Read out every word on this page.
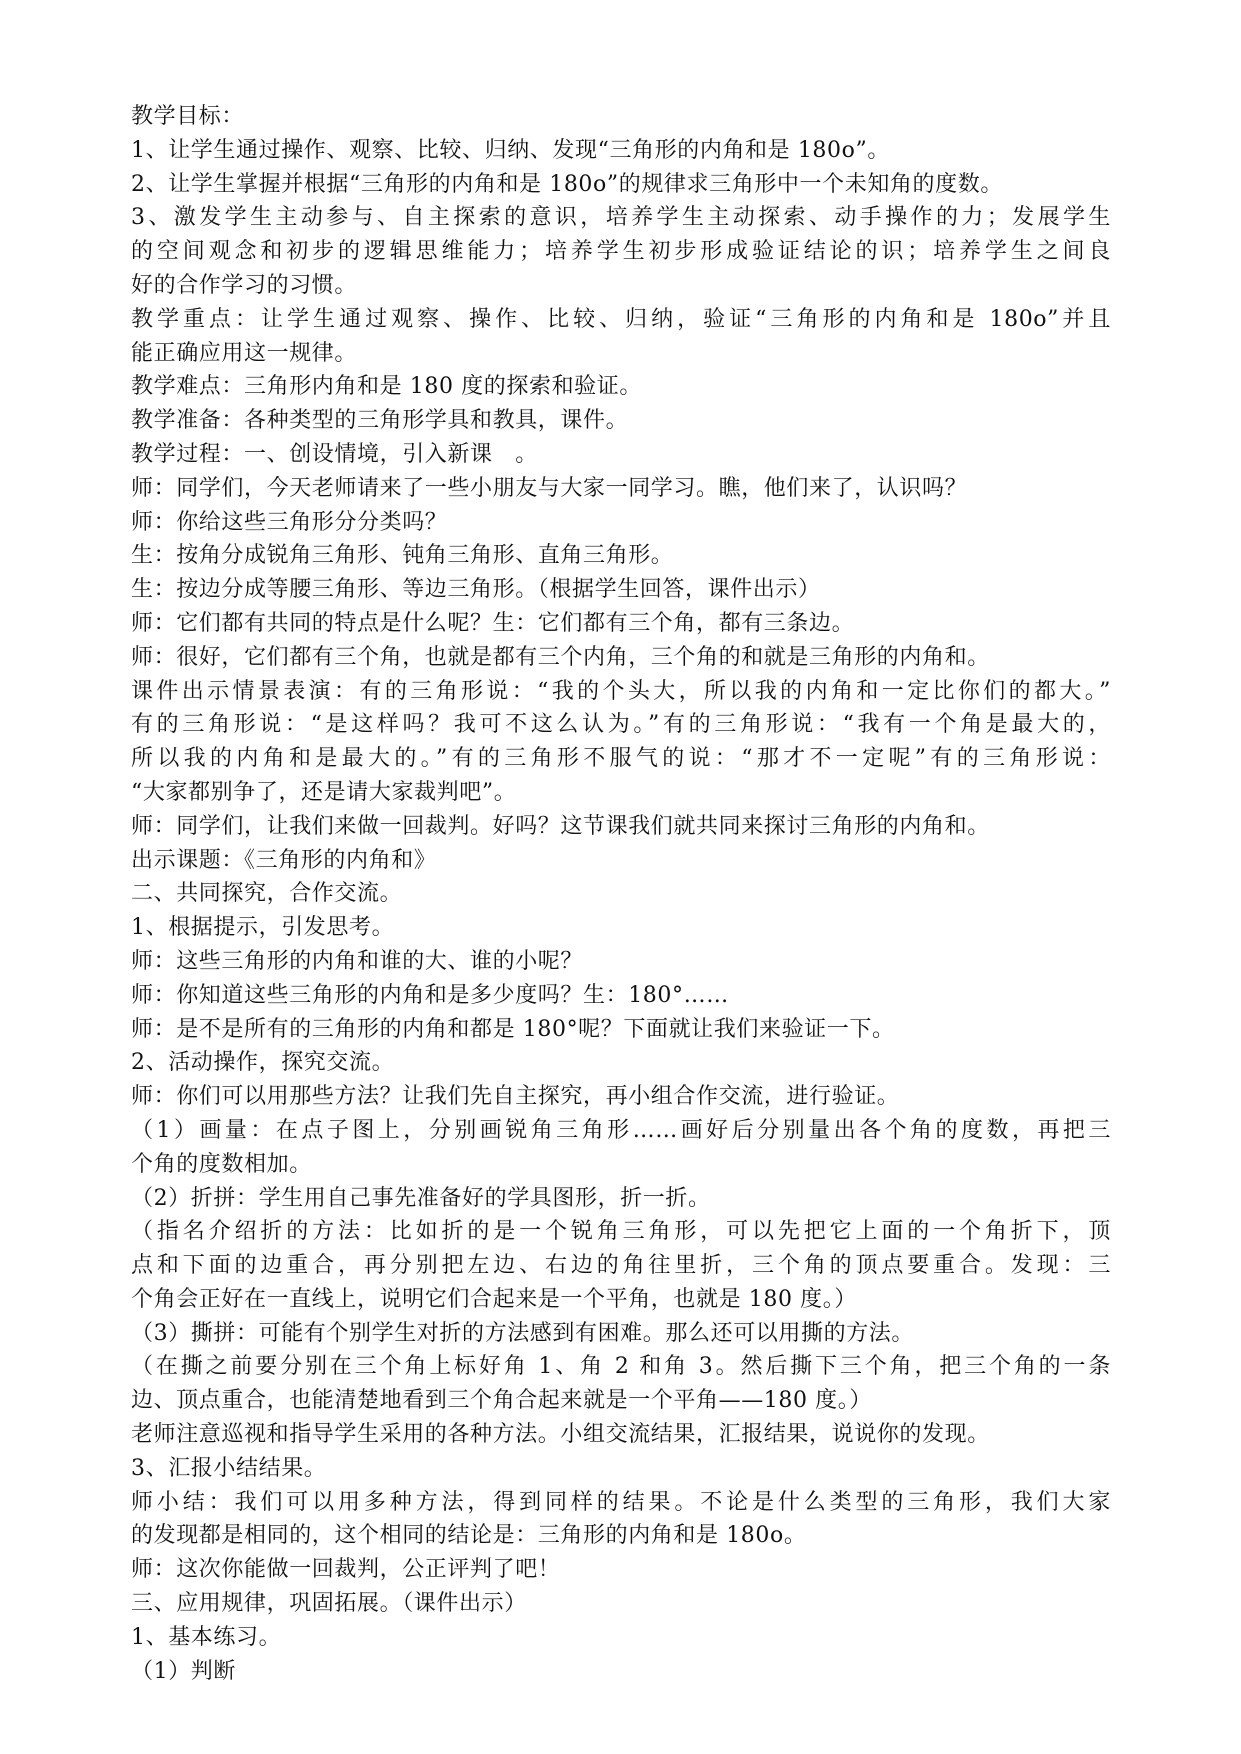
教学目标：
1、让学生通过操作、观察、比较、归纳、发现“三角形的内角和是 180o”。
2、让学生掌握并根据“三角形的内角和是 180o”的规律求三角形中一个未知角的度数。
3、激发学生主动参与、自主探索的意识，培养学生主动探索、动手操作的力；发展学生
的空间观念和初步的逻辑思维能力；培养学生初步形成验证结论的识；培养学生之间良
好的合作学习的习惯。
教学重点：让学生通过观察、操作、比较、归纳，验证“三角形的内角和是 180o”并且
能正确应用这一规律。
教学难点：三角形内角和是 180 度的探索和验证。
教学准备：各种类型的三角形学具和教具，课件。
教学过程：一、创设情境，引入新课　。
师：同学们，今天老师请来了一些小朋友与大家一同学习。瞧，他们来了，认识吗？
师：你给这些三角形分分类吗？
生：按角分成锐角三角形、钝角三角形、直角三角形。
生：按边分成等腰三角形、等边三角形。（根据学生回答，课件出示）
师：它们都有共同的特点是什么呢？生：它们都有三个角，都有三条边。
师：很好，它们都有三个角，也就是都有三个内角，三个角的和就是三角形的内角和。
课件出示情景表演：有的三角形说：“我的个头大，所以我的内角和一定比你们的都大。”
有的三角形说：“是这样吗？我可不这么认为。”有的三角形说：“我有一个角是最大的，
所以我的内角和是最大的。”有的三角形不服气的说：“那才不一定呢”有的三角形说：
“大家都别争了，还是请大家裁判吧”。
师：同学们，让我们来做一回裁判。好吗？这节课我们就共同来探讨三角形的内角和。
出示课题：《三角形的内角和》
二、共同探究，合作交流。
1、根据提示，引发思考。
师：这些三角形的内角和谁的大、谁的小呢？
师：你知道这些三角形的内角和是多少度吗？生：180°……
师：是不是所有的三角形的内角和都是 180°呢？下面就让我们来验证一下。
2、活动操作，探究交流。
师：你们可以用那些方法？让我们先自主探究，再小组合作交流，进行验证。
（1）画量：在点子图上，分别画锐角三角形……画好后分别量出各个角的度数，再把三
个角的度数相加。
（2）折拼：学生用自己事先准备好的学具图形，折一折。
（指名介绍折的方法：比如折的是一个锐角三角形，可以先把它上面的一个角折下，顶
点和下面的边重合，再分别把左边、右边的角往里折，三个角的顶点要重合。发现：三
个角会正好在一直线上，说明它们合起来是一个平角，也就是 180 度。）
（3）撕拼：可能有个别学生对折的方法感到有困难。那么还可以用撕的方法。
（在撕之前要分别在三个角上标好角 1、角 2 和角 3。然后撕下三个角，把三个角的一条
边、顶点重合，也能清楚地看到三个角合起来就是一个平角——180 度。）
老师注意巡视和指导学生采用的各种方法。小组交流结果，汇报结果，说说你的发现。
3、汇报小结结果。
师小结：我们可以用多种方法，得到同样的结果。不论是什么类型的三角形，我们大家
的发现都是相同的，这个相同的结论是：三角形的内角和是 180o。
师：这次你能做一回裁判，公正评判了吧！
三、应用规律，巩固拓展。（课件出示）
1、基本练习。
（1）判断
